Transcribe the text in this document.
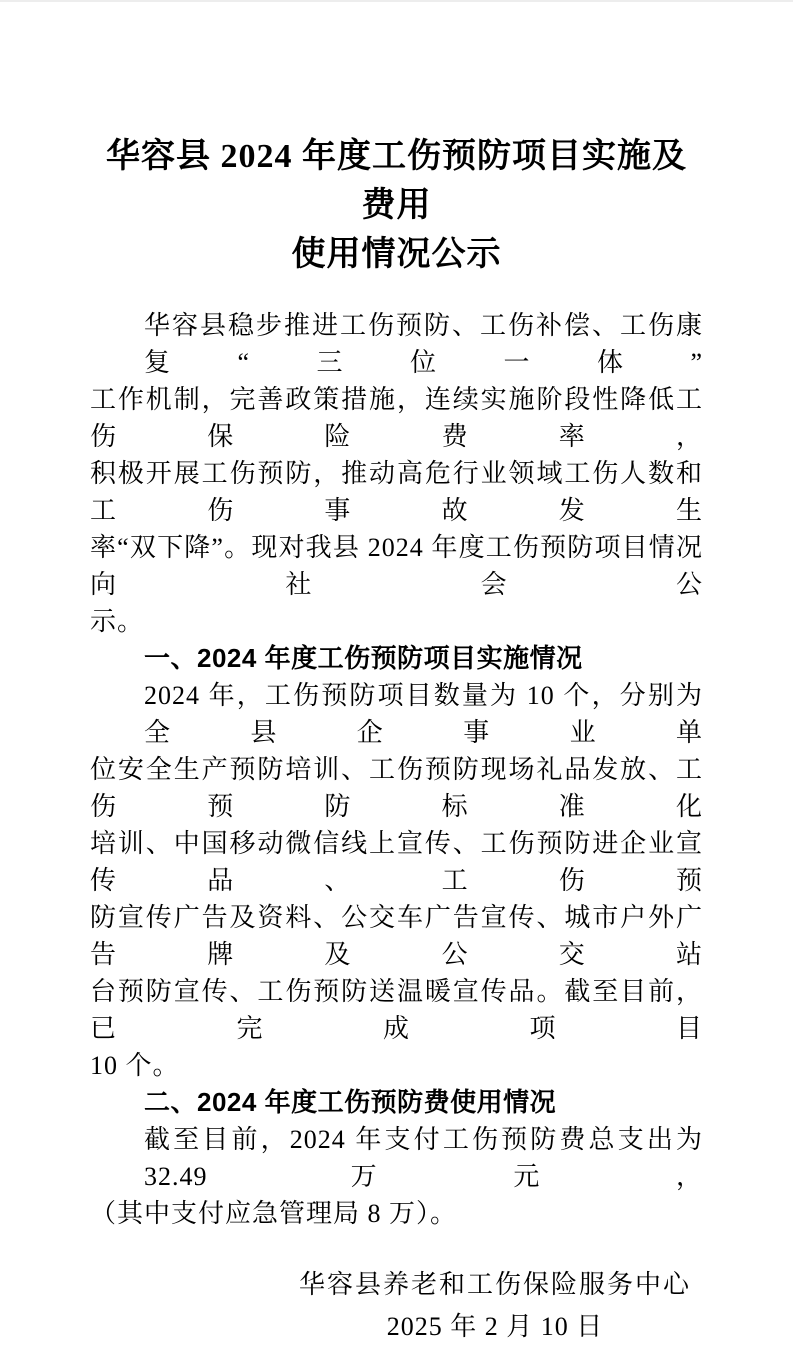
华容县 2024 年度工伤预防项目实施及费用
使用情况公示

华容县稳步推进工伤预防、工伤补偿、工伤康复“三位一体”
工作机制，完善政策措施，连续实施阶段性降低工伤保险费率，
积极开展工伤预防，推动高危行业领域工伤人数和工伤事故发生
率“双下降”。现对我县 2024 年度工伤预防项目情况向社会公
示。

一、2024 年度工伤预防项目实施情况

2024 年，工伤预防项目数量为 10 个，分别为全县企事业单
位安全生产预防培训、工伤预防现场礼品发放、工伤预防标准化
培训、中国移动微信线上宣传、工伤预防进企业宣传品、工伤预
防宣传广告及资料、公交车广告宣传、城市户外广告牌及公交站
台预防宣传、工伤预防送温暖宣传品。截至目前，已完成项目
10 个。

二、2024 年度工伤预防费使用情况

截至目前，2024 年支付工伤预防费总支出为 32.49 万元，
（其中支付应急管理局 8 万）。

华容县养老和工伤保险服务中心
2025 年 2 月 10 日
